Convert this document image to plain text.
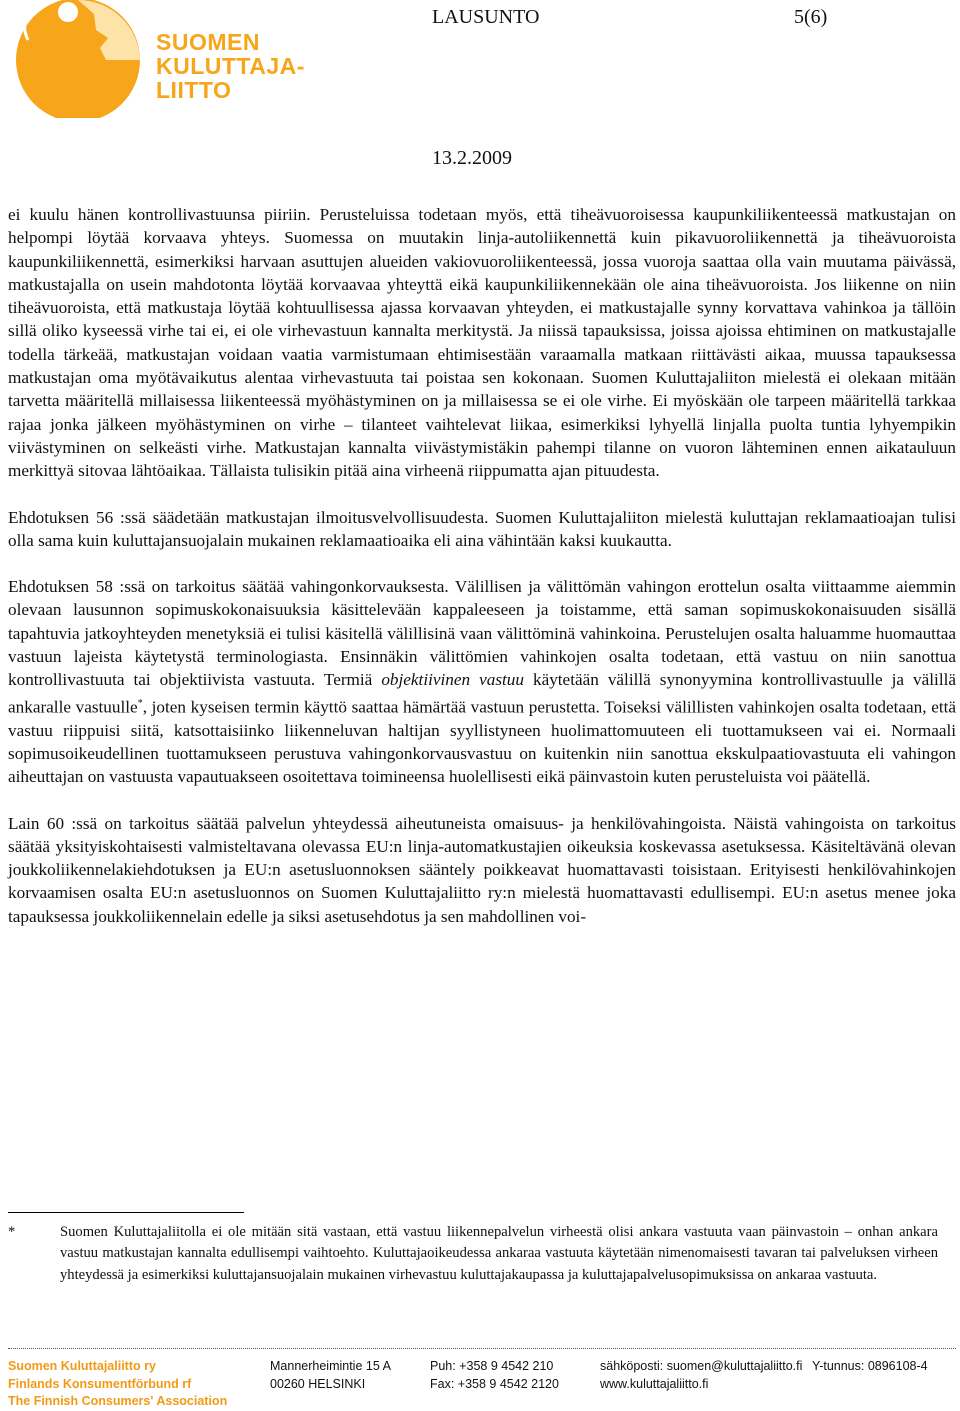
SUOMEN
KULUTTAJA-
LIITTO
LAUSUNTO	5(6)
13.2.2009

ei kuulu hänen kontrollivastuunsa piiriin. Perusteluissa todetaan myös, että tiheävuoroisessa kaupunkiliikenteessä matkustajan on helpompi löytää korvaava yhteys. Suomessa on muutakin linja-autoliikennettä kuin pikavuoroliikennettä ja tiheävuoroista kaupunkiliikennettä, esimerkiksi harvaan asuttujen alueiden vakiovuoroliikenteessä, jossa vuoroja saattaa olla vain muutama päivässä, matkustajalla on usein mahdotonta löytää korvaavaa yhteyttä eikä kaupunkiliikennekään ole aina tiheävuoroista. Jos liikenne on niin tiheävuoroista, että matkustaja löytää kohtuullisessa ajassa korvaavan yhteyden, ei matkustajalle synny korvattava vahinkoa ja tällöin sillä oliko kyseessä virhe tai ei, ei ole virhevastuun kannalta merkitystä. Ja niissä tapauksissa, joissa ajoissa ehtiminen on matkustajalle todella tärkeää, matkustajan voidaan vaatia varmistumaan ehtimisestään varaamalla matkaan riittävästi aikaa, muussa tapauksessa matkustajan oma myötävaikutus alentaa virhevastuuta tai poistaa sen kokonaan. Suomen Kuluttajaliiton mielestä ei olekaan mitään tarvetta määritellä millaisessa liikenteessä myöhästyminen on ja millaisessa se ei ole virhe. Ei myöskään ole tarpeen määritellä tarkkaa rajaa jonka jälkeen myöhästyminen on virhe – tilanteet vaihtelevat liikaa, esimerkiksi lyhyellä linjalla puolta tuntia lyhyempikin viivästyminen on selkeästi virhe. Matkustajan kannalta viivästymistäkin pahempi tilanne on vuoron lähteminen ennen aikatauluun merkittyä sitovaa lähtöaikaa. Tällaista tulisikin pitää aina virheenä riippumatta ajan pituudesta.

Ehdotuksen 56 :ssä säädetään matkustajan ilmoitusvelvollisuudesta. Suomen Kuluttajaliiton mielestä kuluttajan reklamaatioajan tulisi olla sama kuin kuluttajansuojalain mukainen reklamaatioaika eli aina vähintään kaksi kuukautta.

Ehdotuksen 58 :ssä on tarkoitus säätää vahingonkorvauksesta. Välillisen ja välittömän vahingon erottelun osalta viittaamme aiemmin olevaan lausunnon sopimuskokonaisuuksia käsittelevään kappaleeseen ja toistamme, että saman sopimuskokonaisuuden sisällä tapahtuvia jatkoyhteyden menetyksiä ei tulisi käsitellä välillisinä vaan välittöminä vahinkoina. Perustelujen osalta haluamme huomauttaa vastuun lajeista käytetystä terminologiasta. Ensinnäkin välittömien vahinkojen osalta todetaan, että vastuu on niin sanottua kontrollivastuuta tai objektiivista vastuuta. Termiä objektiivinen vastuu käytetään välillä synonyymina kontrollivastuulle ja välillä ankaralle vastuulle*, joten kyseisen termin käyttö saattaa hämärtää vastuun perustetta. Toiseksi välillisten vahinkojen osalta todetaan, että vastuu riippuisi siitä, katsottaisiinko liikenneluvan haltijan syyllistyneen huolimattomuuteen eli tuottamukseen vai ei. Normaali sopimusoikeudellinen tuottamukseen perustuva vahingonkorvausvastuu on kuitenkin niin sanottua ekskulpaatiovastuuta eli vahingon aiheuttajan on vastuusta vapautuakseen osoitettava toimineensa huolellisesti eikä päinvastoin kuten perusteluista voi päätellä.

Lain 60 :ssä on tarkoitus säätää palvelun yhteydessä aiheutuneista omaisuus- ja henkilövahingoista. Näistä vahingoista on tarkoitus säätää yksityiskohtaisesti valmisteltavana olevassa EU:n linja-automatkustajien oikeuksia koskevassa asetuksessa. Käsiteltävänä olevan joukkoliikennelakiehdotuksen ja EU:n asetusluonnoksen sääntely poikkeavat huomattavasti toisistaan. Erityisesti henkilövahinkojen korvaamisen osalta EU:n asetusluonnos on Suomen Kuluttajaliitto ry:n mielestä huomattavasti edullisempi. EU:n asetus menee joka tapauksessa joukkoliikennelain edelle ja siksi asetusehdotus ja sen mahdollinen voi-

*	Suomen Kuluttajaliitolla ei ole mitään sitä vastaan, että vastuu liikennepalvelun virheestä olisi ankara vastuuta vaan päinvastoin – onhan ankara vastuu matkustajan kannalta edullisempi vaihtoehto. Kuluttajaoikeudessa ankaraa vastuuta käytetään nimenomaisesti tavaran tai palveluksen virheen yhteydessä ja esimerkiksi kuluttajansuojalain mukainen virhevastuu kuluttajakaupassa ja kuluttajapalvelusopimuksissa on ankaraa vastuuta.
Suomen Kuluttajaliitto ry
Finlands Konsumentförbund rf
The Finnish Consumers' Association
Mannerheimintie 15 A
00260 HELSINKI
Puh: +358 9 4542 210
Fax: +358 9 4542 2120
sähköposti: suomen@kuluttajaliitto.fi
www.kuluttajaliitto.fi
Y-tunnus: 0896108-4
